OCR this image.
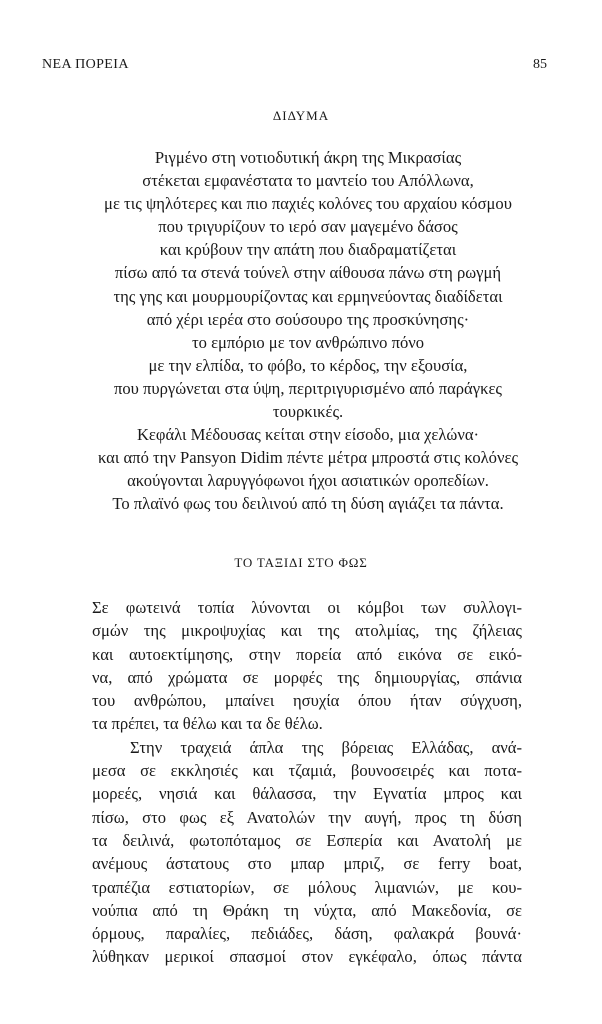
ΝΕΑ ΠΟΡΕΙΑ	85
ΔΙΔΥΜΑ
Ριγμένο στη νοτιοδυτική άκρη της Μικρασίας
στέκεται εμφανέστατα το μαντείο του Απόλλωνα,
με τις ψηλότερες και πιο παχιές κολόνες του αρχαίου κόσμου
που τριγυρίζουν το ιερό σαν μαγεμένο δάσος
και κρύβουν την απάτη που διαδραματίζεται
πίσω από τα στενά τούνελ στην αίθουσα πάνω στη ρωγμή
της γης και μουρμουρίζοντας και ερμηνεύοντας διαδίδεται
από χέρι ιερέα στο σούσουρο της προσκύνησης·
το εμπόριο με τον ανθρώπινο πόνο
με την ελπίδα, το φόβο, το κέρδος, την εξουσία,
που πυργώνεται στα ύψη, περιτριγυρισμένο από παράγκες
τουρκικές.
Κεφάλι Μέδουσας κείται στην είσοδο, μια χελώνα·
και από την Pansyon Didim πέντε μέτρα μπροστά στις κολόνες
ακούγονται λαρυγγόφωνοι ήχοι ασιατικών οροπεδίων.
Το πλαϊνό φως του δειλινού από τη δύση αγιάζει τα πάντα.
ΤΟ ΤΑΞΙΔΙ ΣΤΟ ΦΩΣ
Σε φωτεινά τοπία λύνονται οι κόμβοι των συλλογι-
σμών της μικροψυχίας και της ατολμίας, της ζήλειας
και αυτοεκτίμησης, στην πορεία από εικόνα σε εικό-
να, από χρώματα σε μορφές της δημιουργίας, σπάνια
του ανθρώπου, μπαίνει ησυχία όπου ήταν σύγχυση,
τα πρέπει, τα θέλω και τα δε θέλω.
Στην τραχειά άπλα της βόρειας Ελλάδας, ανά-
μεσα σε εκκλησιές και τζαμιά, βουνοσειρές και ποτα-
μορεές, νησιά και θάλασσα, την Εγνατία μπρος και
πίσω, στο φως εξ Ανατολών την αυγή, προς τη δύση
τα δειλινά, φωτοπόταμος σε Εσπερία και Ανατολή με
ανέμους άστατους στο μπαρ μπριζ, σε ferry boat,
τραπέζια εστιατορίων, σε μόλους λιμανιών, με κου-
νούπια από τη Θράκη τη νύχτα, από Μακεδονία, σε
όρμους, παραλίες, πεδιάδες, δάση, φαλακρά βουνά·
λύθηκαν μερικοί σπασμοί στον εγκέφαλο, όπως πάντα
